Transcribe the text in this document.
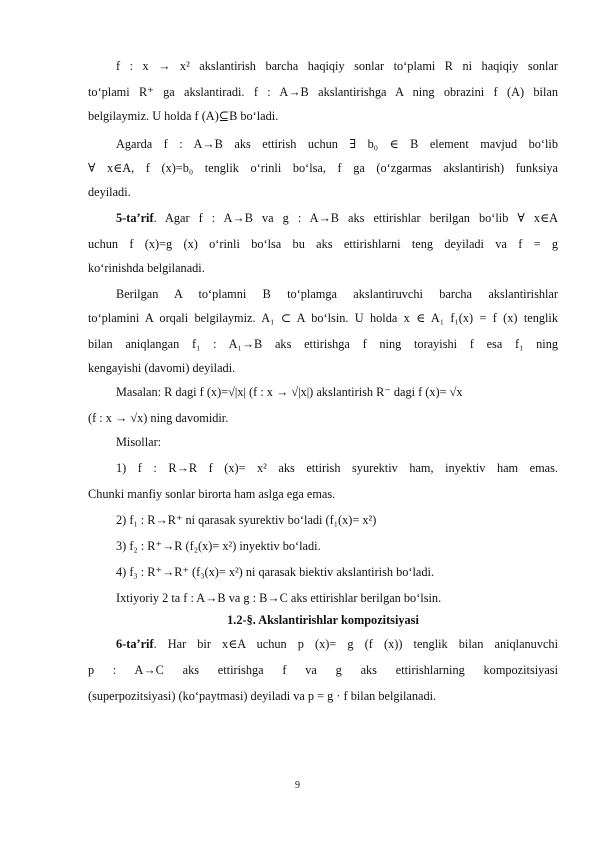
f : x → x² akslantirish barcha haqiqiy sonlar to‘plami R ni haqiqiy sonlar
to‘plami R⁺ ga akslantiradi. f : A→B akslantirishga A ning obrazini f (A) bilan
belgilaymiz. U holda f (A)⊆B bo‘ladi.
Agarda f : A→B aks ettirish uchun ∃ b₀ ∈ B element mavjud bo‘lib
∀ x∈A, f (x)=b₀ tenglik o‘rinli bo‘lsa, f ga (o‘zgarmas akslantirish) funksiya
deyiladi.
5-ta’rif. Agar f : A→B va g : A→B aks ettirishlar berilgan bo‘lib ∀ x∈A
uchun f (x)=g (x) o‘rinli bo‘lsa bu aks ettirishlarni teng deyiladi va f = g
ko‘rinishda belgilanadi.
Berilgan A to‘plamni B to‘plamga akslantiruvchi barcha akslantirishlar
to‘plamini A orqali belgilaymiz. A₁ ⊂ A bo‘lsin. U holda x ∈ A₁ f₁(x) = f (x) tenglik
bilan aniqlangan f₁ : A₁→B aks ettirishga f ning torayishi f esa f₁ ning
kengayishi (davomi) deyiladi.
Masalan: R dagi f (x)=√|x| (f : x → √|x|) akslantirish R⁻ dagi f (x)= √x
(f : x → √x) ning davomidir.
Misollar:
1) f : R→R f (x)= x² aks ettirish syurektiv ham, inyektiv ham emas.
Chunki manfiy sonlar birorta ham aslga ega emas.
2) f₁ : R→R⁺ ni qarasak syurektiv bo‘ladi (f₁(x)= x²)
3) f₂ : R⁺→R (f₂(x)= x²) inyektiv bo‘ladi.
4) f₃ : R⁺→R⁺ (f₃(x)= x²) ni qarasak biektiv akslantirish bo‘ladi.
Ixtiyoriy 2 ta f : A→B va g : B→C aks ettirishlar berilgan bo‘lsin.
1.2-§. Akslantirishlar kompozitsiyasi
6-ta’rif. Har bir x∈A uchun p (x)= g (f (x)) tenglik bilan aniqlanuvchi
p : A→C aks ettirishga f va g aks ettirishlarning kompozitsiyasi
(superpozitsiyasi) (ko‘paytmasi) deyiladi va p = g · f bilan belgilanadi.
9
